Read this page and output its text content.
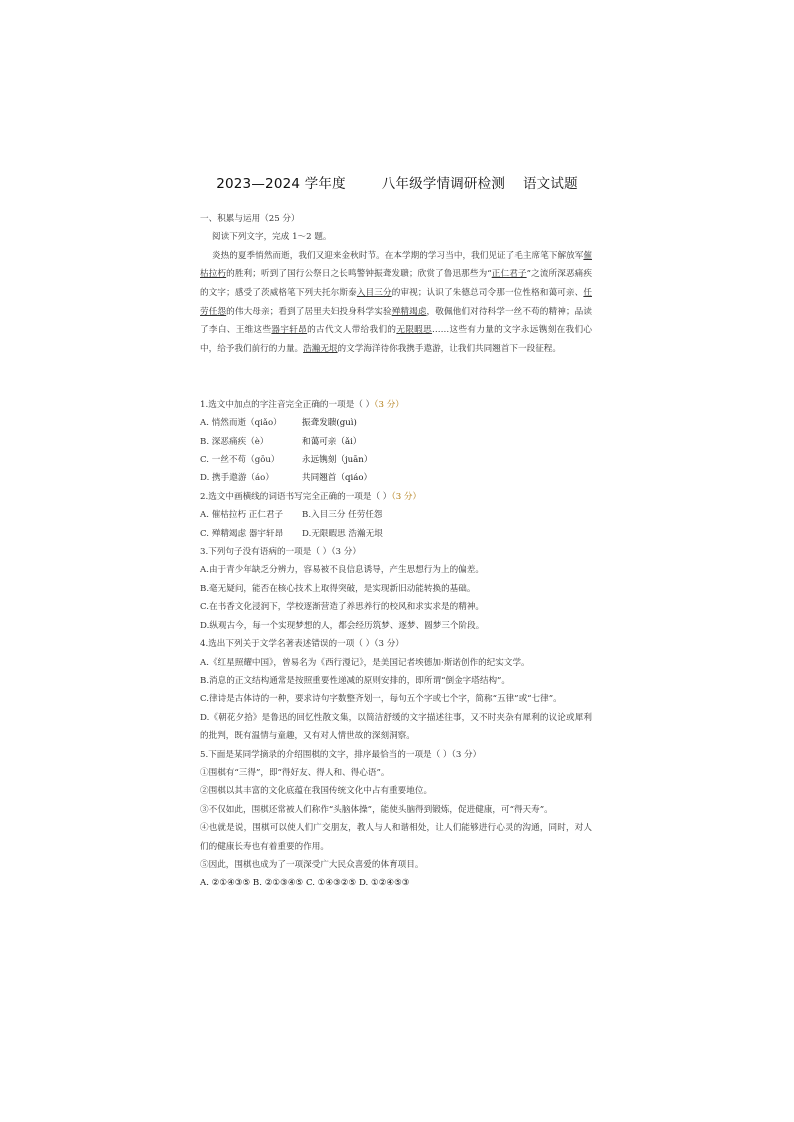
2023—2024 学年度        八年级学情调研检测    语文试题

一、积累与运用（25 分）

阅读下列文字，完成 1～2 题。

炎热的夏季悄然而逝，我们又迎来金秋时节。在本学期的学习当中，我们见证了毛主席笔下解放军催枯拉朽的胜利；听到了国行公祭日之长鸣警钟振聋发聩；欣赏了鲁迅那些为“正仁君子”之流所深恶痛疾的文字；感受了茨威格笔下列夫托尔斯泰入目三分的审视；认识了朱德总司令那一位性格和蔼可亲、任劳任怨的伟大母亲；看到了居里夫妇投身科学实验殚精竭虑，敬佩他们对待科学一丝不苟的精神；品读了李白、王维这些器宇轩昂的古代文人带给我们的无限暇思……这些有力量的文字永远镌刻在我们心中，给予我们前行的力量。浩瀚无垠的文学海洋待你我携手遨游，让我们共同翘首下一段征程。

1.选文中加点的字注音完全正确的一项是（ ）（3 分）

A. 悄然而逝（qiǎo）	振聋发聩(guì)

B. 深恶痛疾（è）	和蔼可亲（ǎi）

C. 一丝不苟（gōu）	永远镌刻（juān）

D. 携手遨游（áo）	共同翘首（qiáo）

2.选文中画横线的词语书写完全正确的一项是（ ）（3 分）

A. 催枯拉朽 正仁君子 B.入目三分 任劳任怨

C. 殚精竭虑 器宇轩昂 D.无限暇思 浩瀚无垠

3.下列句子没有语病的一项是（ ）（3 分）

A.由于青少年缺乏分辨力，容易被不良信息诱导，产生思想行为上的偏差。

B.毫无疑问，能否在核心技术上取得突破，是实现新旧动能转换的基础。

C.在书香文化浸润下，学校逐渐营造了养思养行的校风和求实求是的精神。

D.纵观古今，每一个实现梦想的人，都会经历筑梦、逐梦、圆梦三个阶段。

4.选出下列关于文学名著表述错误的一项（ ）（3 分）

A.《红星照耀中国》，曾易名为《西行漫记》，是美国记者埃德加·斯诺创作的纪实文学。

B.消息的正文结构通常是按照重要性递减的原则安排的，即所谓“倒金字塔结构”。

C.律诗是古体诗的一种，要求诗句字数整齐划一，每句五个字或七个字，简称“五律”或“七律”。

D.《朝花夕拾》是鲁迅的回忆性散文集，以简洁舒缓的文字描述往事，又不时夹杂有犀利的议论或犀利的批判，既有温情与童趣，又有对人情世故的深刻洞察。

5.下面是某同学摘录的介绍围棋的文字，排序最恰当的一项是（ ）（3 分）

①围棋有“三得”，即“得好友、得人和、得心语”。

②围棋以其丰富的文化底蕴在我国传统文化中占有重要地位。

③不仅如此，围棋还常被人们称作“头脑体操”，能使头脑得到锻炼，促进健康，可“得天寿”。

④也就是说，围棋可以使人们广交朋友，教人与人和谐相处，让人们能够进行心灵的沟通，同时，对人们的健康长寿也有着重要的作用。

⑤因此，围棋也成为了一项深受广大民众喜爱的体育项目。

A. ②①④③⑤ B. ②①③④⑤ C. ①④③②⑤ D. ①②④⑤③
